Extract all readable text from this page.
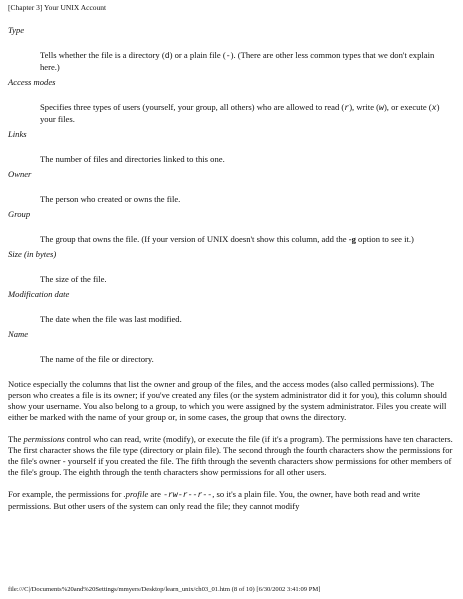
[Chapter 3] Your UNIX Account
Type
Tells whether the file is a directory (d) or a plain file (-). (There are other less common types that we don't explain here.)
Access modes
Specifies three types of users (yourself, your group, all others) who are allowed to read (r), write (w), or execute (x) your files.
Links
The number of files and directories linked to this one.
Owner
The person who created or owns the file.
Group
The group that owns the file. (If your version of UNIX doesn't show this column, add the -g option to see it.)
Size (in bytes)
The size of the file.
Modification date
The date when the file was last modified.
Name
The name of the file or directory.

Notice especially the columns that list the owner and group of the files, and the access modes (also called permissions). The person who creates a file is its owner; if you've created any files (or the system administrator did it for you), this column should show your username. You also belong to a group, to which you were assigned by the system administrator. Files you create will either be marked with the name of your group or, in some cases, the group that owns the directory.

The permissions control who can read, write (modify), or execute the file (if it's a program). The permissions have ten characters. The first character shows the file type (directory or plain file). The second through the fourth characters show the permissions for the file's owner - yourself if you created the file. The fifth through the seventh characters show permissions for other members of the file's group. The eighth through the tenth characters show permissions for all other users.

For example, the permissions for .profile are -rw-r--r--, so it's a plain file. You, the owner, have both read and write permissions. But other users of the system can only read the file; they cannot modify

file:///C|/Documents%20and%20Settings/mmyers/Desktop/learn_unix/ch03_01.htm (8 of 10) [6/30/2002 3:41:09 PM]
